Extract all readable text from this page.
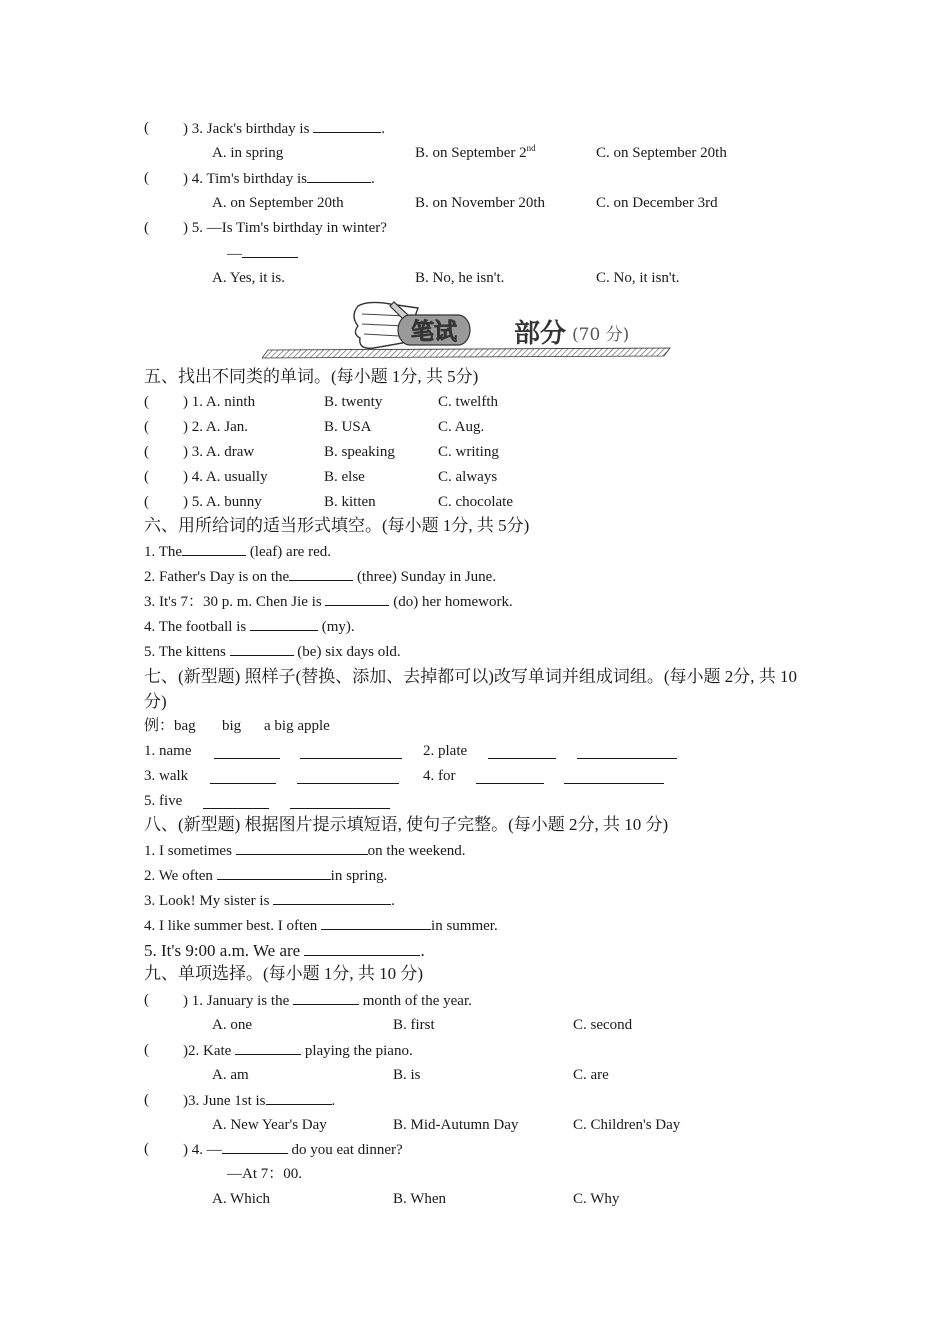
( ) 3. Jack's birthday is	.
A. in spring	B. on September 2nd	C. on September 20th
( ) 4. Tim's birthday is	.
A. on September 20th	B. on November 20th	C. on December 3rd
( ) 5. —Is Tim's birthday in winter?
—
A. Yes, it is.	B. No, he isn't.	C. No, it isn't.
笔试 部分 (70 分)
五、找出不同类的单词。(每小题 1分, 共 5分)
( ) 1. A. ninth	B. twenty	C. twelfth
( ) 2. A. Jan.	B. USA	C. Aug.
( ) 3. A. draw	B. speaking	C. writing
( ) 4. A. usually	B. else	C. always
( ) 5. A. bunny	B. kitten	C. chocolate
六、用所给词的适当形式填空。(每小题 1分, 共 5分)
1. The	(leaf) are red.
2. Father's Day is on the	(three) Sunday in June.
3. It's 7：30 p. m. Chen Jie is	(do) her homework.
4. The football is	(my).
5. The kittens	(be) six days old.
七、(新型题) 照样子(替换、添加、去掉都可以)改写单词并组成词组。(每小题 2分, 共 10 分)
例：bag big a big apple
1. name	2. plate
3. walk	4. for
5. five
八、(新型题) 根据图片提示填短语, 使句子完整。(每小题 2分, 共 10 分)
1. I sometimes	on the weekend.
2. We often	in spring.
3. Look! My sister is	.
4. I like summer best. I often	in summer.
5. It's 9:00 a.m. We are	.
九、单项选择。(每小题 1分, 共 10 分)
( ) 1. January is the	month of the year.
A. one	B. first	C. second
( )2. Kate	playing the piano.
A. am	B. is	C. are
( )3. June 1st is	.
A. New Year's Day	B. Mid-Autumn Day	C. Children's Day
( ) 4. —	do you eat dinner?
—At 7：00.
A. Which	B. When	C. Why
